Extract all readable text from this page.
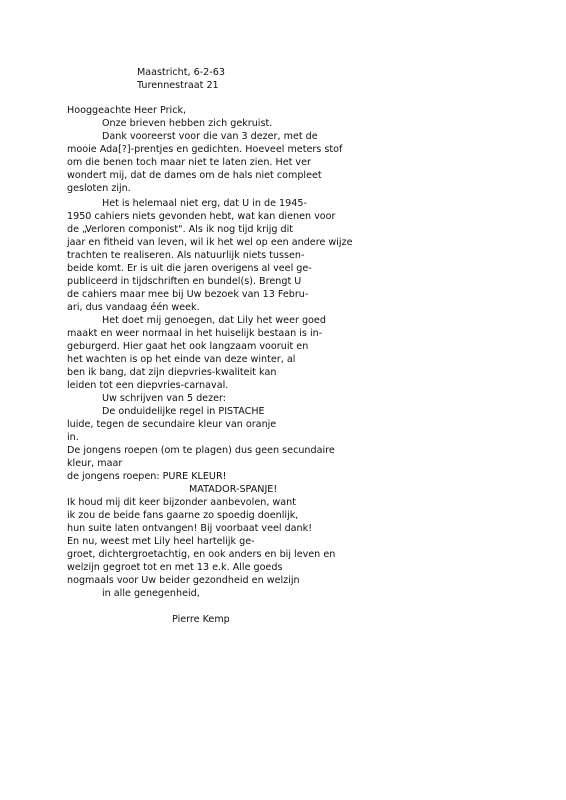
Maastricht, 6-2-63
Turennestraat 21
Hooggeachte Heer Prick,
Onze brieven hebben zich gekruist.
Dank vooreerst voor die van 3 dezer, met de
mooie Ada[?]-prentjes en gedichten. Hoeveel meters stof
om die benen toch maar niet te laten zien. Het ver
wondert mij, dat de dames om de hals niet compleet
gesloten zijn.
Het is helemaal niet erg, dat U in de 1945-
1950 cahiers niets gevonden hebt, wat kan dienen voor
de „Verloren componist". Als ik nog tijd krijg dit
jaar en fitheid van leven, wil ik het wel op een andere wijze
trachten te realiseren. Als natuurlijk niets tussen-
beide komt. Er is uit die jaren overigens al veel ge-
publiceerd in tijdschriften en bundel(s). Brengt U
de cahiers maar mee bij Uw bezoek van 13 Febru-
ari, dus vandaag één week.
Het doet mij genoegen, dat Lily het weer goed
maakt en weer normaal in het huiselijk bestaan is in-
geburgerd. Hier gaat het ook langzaam vooruit en
het wachten is op het einde van deze winter, al
ben ik bang, dat zijn diepvries-kwaliteit kan
leiden tot een diepvries-carnaval.
Uw schrijven van 5 dezer:
De onduidelijke regel in PISTACHE
luide, tegen de secundaire kleur van oranje
in.
De jongens roepen (om te plagen) dus geen secundaire
kleur, maar
de jongens roepen: PURE KLEUR!
MATADOR-SPANJE!
Ik houd mij dit keer bijzonder aanbevolen, want
ik zou de beide fans gaarne zo spoedig doenlijk,
hun suite laten ontvangen! Bij voorbaat veel dank!
En nu, weest met Lily heel hartelijk ge-
groet, dichtergroetachtig, en ook anders en bij leven en
welzijn gegroet tot en met 13 e.k. Alle goeds
nogmaals voor Uw beider gezondheid en welzijn
in alle genegenheid,
Pierre Kemp
